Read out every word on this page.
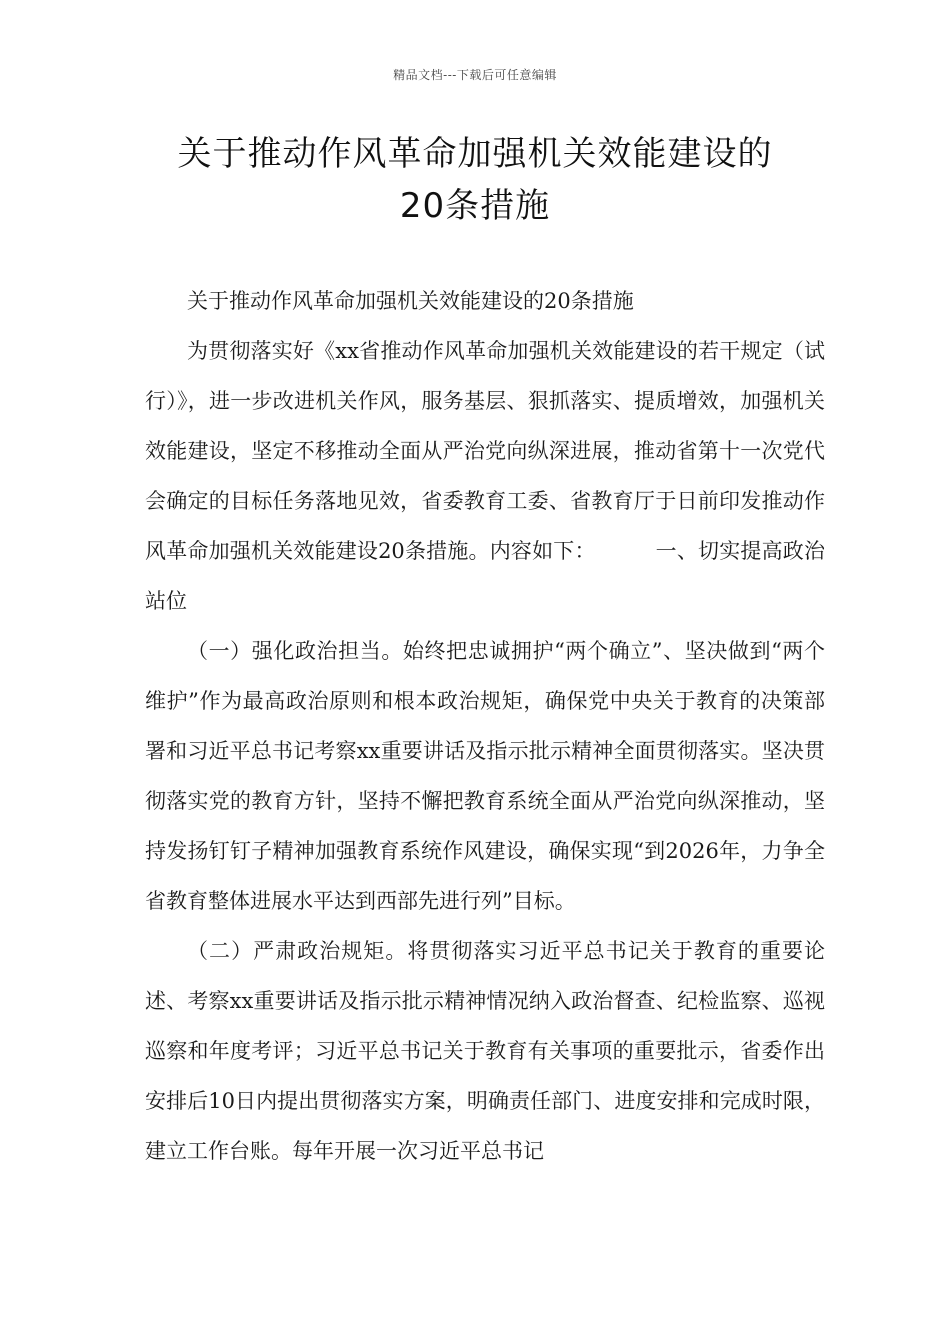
精品文档---下载后可任意编辑
关于推动作风革命加强机关效能建设的
20条措施

关于推动作风革命加强机关效能建设的20条措施

为贯彻落实好《xx省推动作风革命加强机关效能建设的若干规定（试行）》，进一步改进机关作风，服务基层、狠抓落实、提质增效，加强机关效能建设，坚定不移推动全面从严治党向纵深进展，推动省第十一次党代会确定的目标任务落地见效，省委教育工委、省教育厅于日前印发推动作风革命加强机关效能建设20条措施。内容如下：	一、切实提高政治站位

（一）强化政治担当。始终把忠诚拥护“两个确立”、坚决做到“两个维护”作为最高政治原则和根本政治规矩，确保党中央关于教育的决策部署和习近平总书记考察xx重要讲话及指示批示精神全面贯彻落实。坚决贯彻落实党的教育方针，坚持不懈把教育系统全面从严治党向纵深推动，坚持发扬钉钉子精神加强教育系统作风建设，确保实现“到2026年，力争全省教育整体进展水平达到西部先进行列”目标。

（二）严肃政治规矩。将贯彻落实习近平总书记关于教育的重要论述、考察xx重要讲话及指示批示精神情况纳入政治督查、纪检监察、巡视巡察和年度考评；习近平总书记关于教育有关事项的重要批示，省委作出安排后10日内提出贯彻落实方案，明确责任部门、进度安排和完成时限，建立工作台账。每年开展一次习近平总书记
